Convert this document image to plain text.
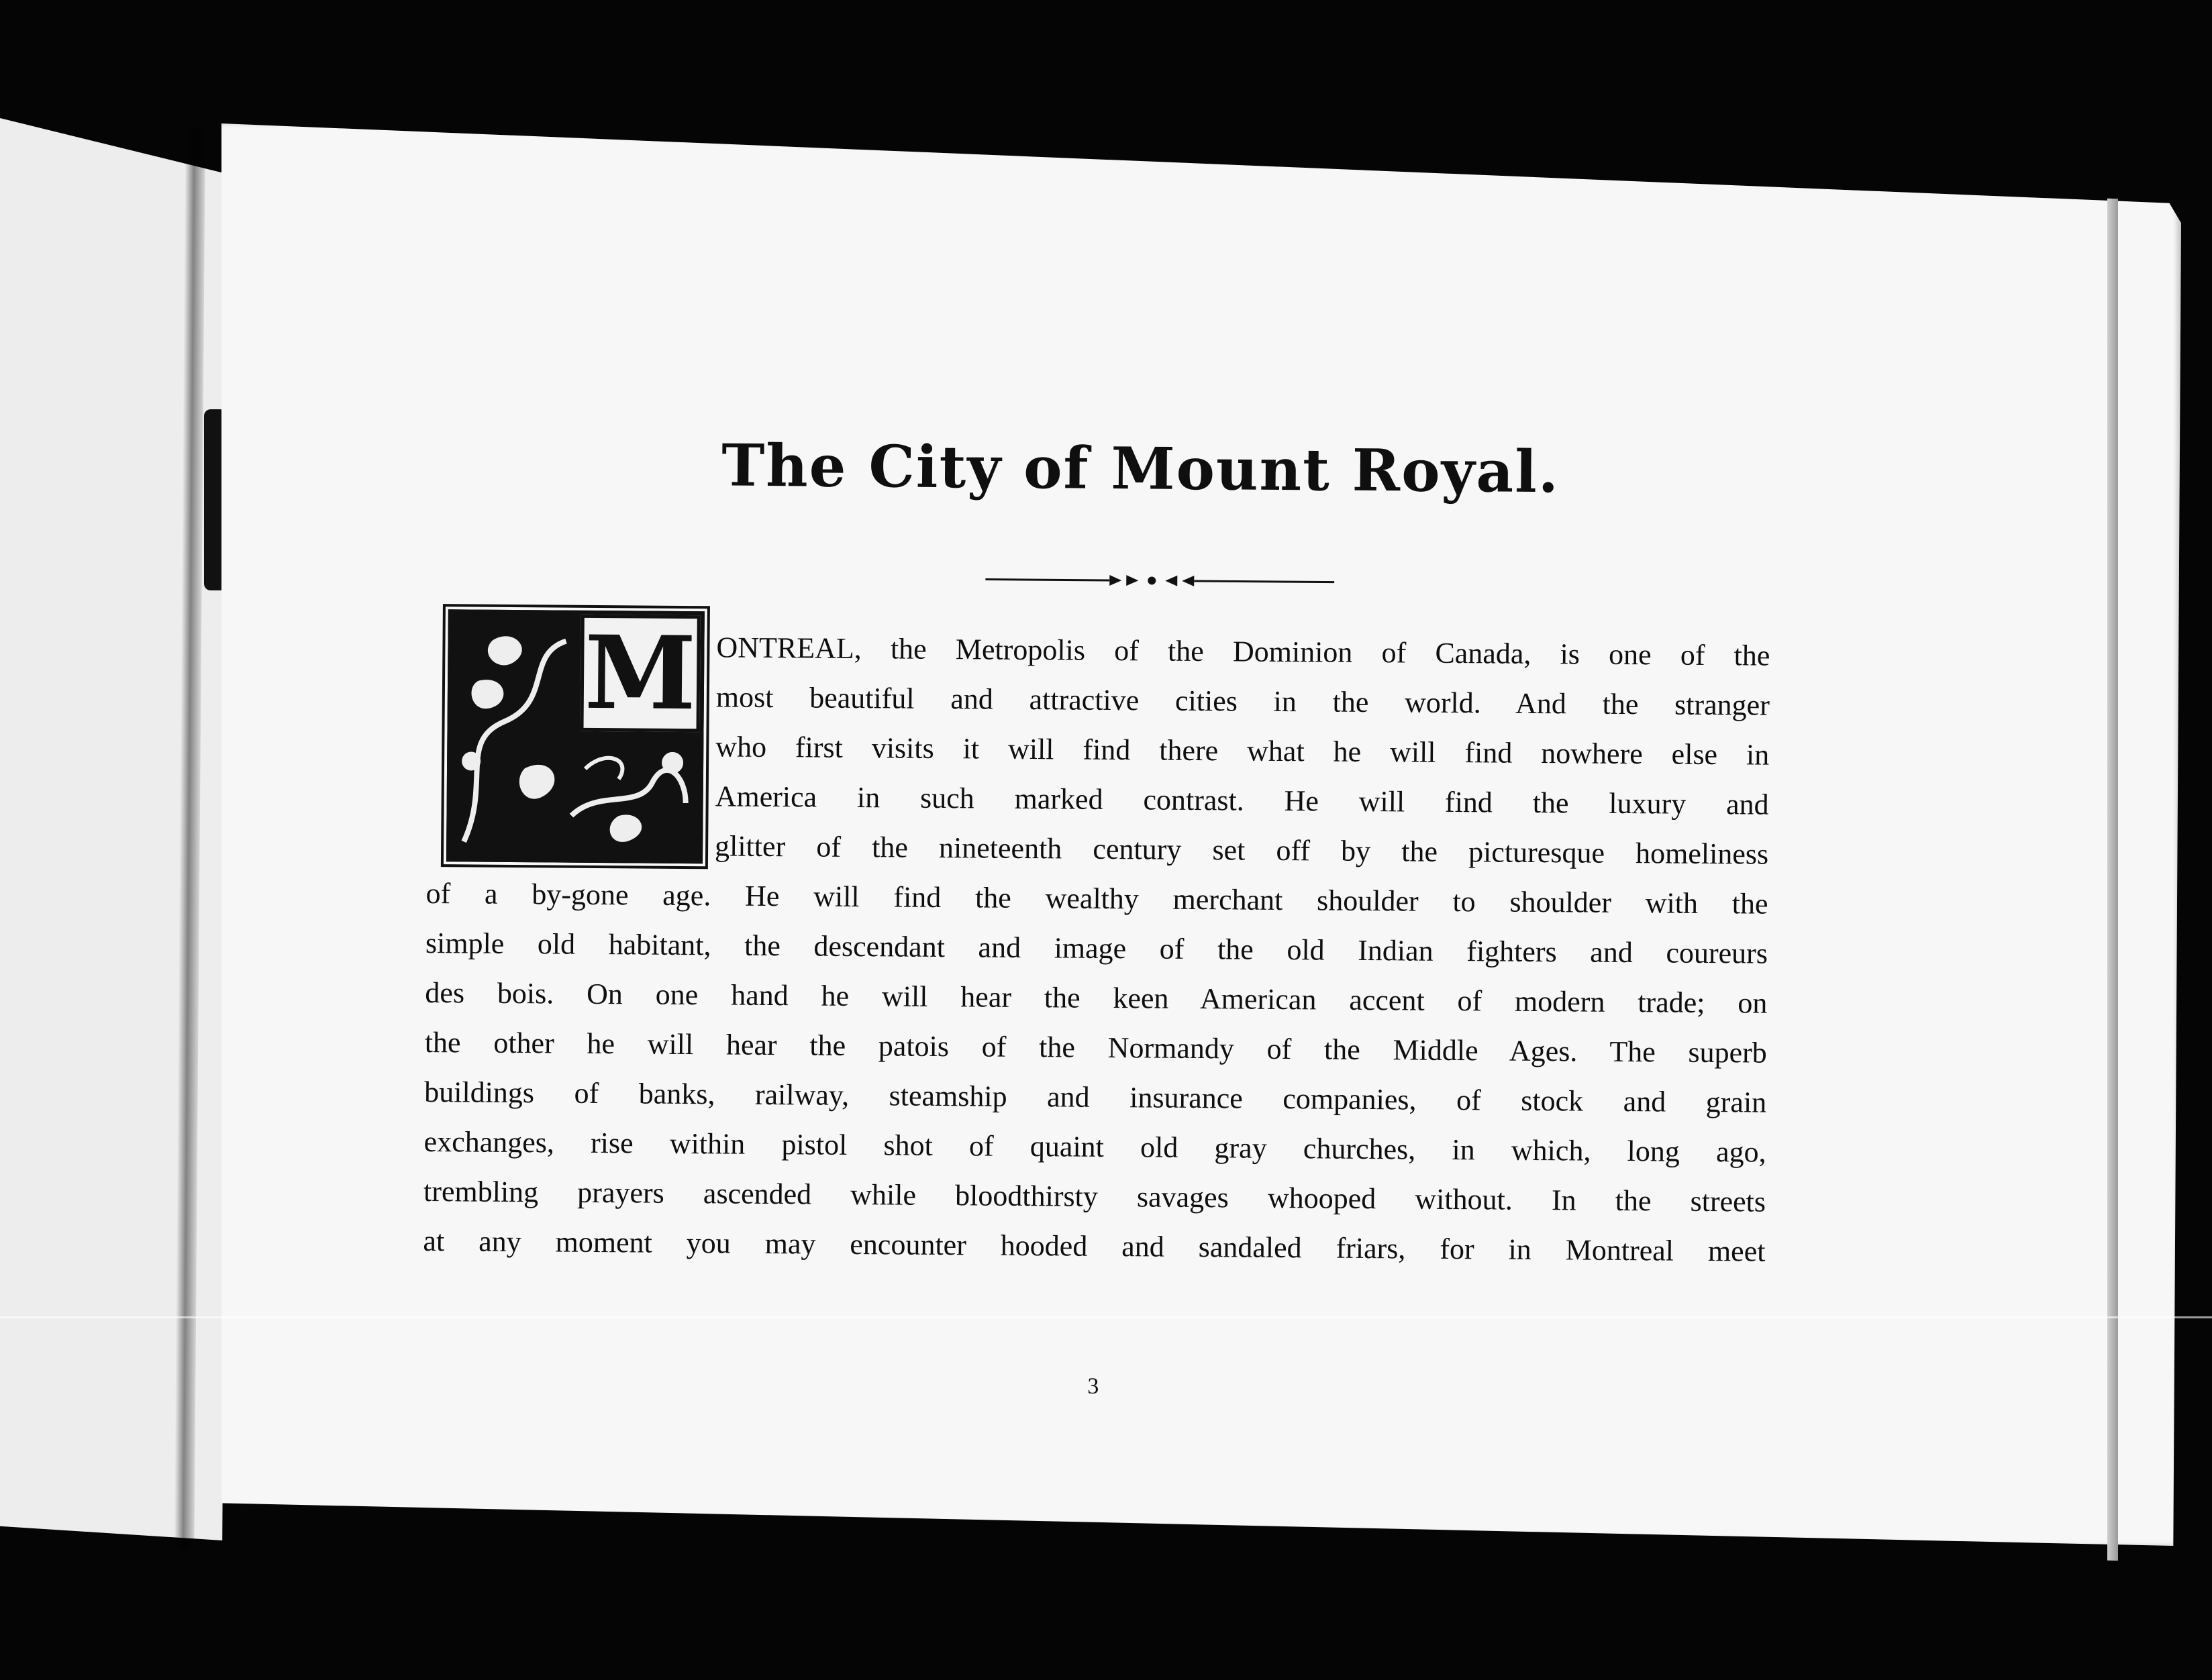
The City of Mount Royal.
M ONTREAL, the Metropolis of the Dominion of Canada, is one of the
most beautiful and attractive cities in the world. And the stranger
who first visits it will find there what he will find nowhere else in
America in such marked contrast. He will find the luxury and
glitter of the nineteenth century set off by the picturesque homeliness
of a by-gone age. He will find the wealthy merchant shoulder to shoulder with the
simple old habitant, the descendant and image of the old Indian fighters and coureurs
des bois. On one hand he will hear the keen American accent of modern trade; on
the other he will hear the patois of the Normandy of the Middle Ages. The superb
buildings of banks, railway, steamship and insurance companies, of stock and grain
exchanges, rise within pistol shot of quaint old gray churches, in which, long ago,
trembling prayers ascended while bloodthirsty savages whooped without. In the streets
at any moment you may encounter hooded and sandaled friars, for in Montreal meet
3
